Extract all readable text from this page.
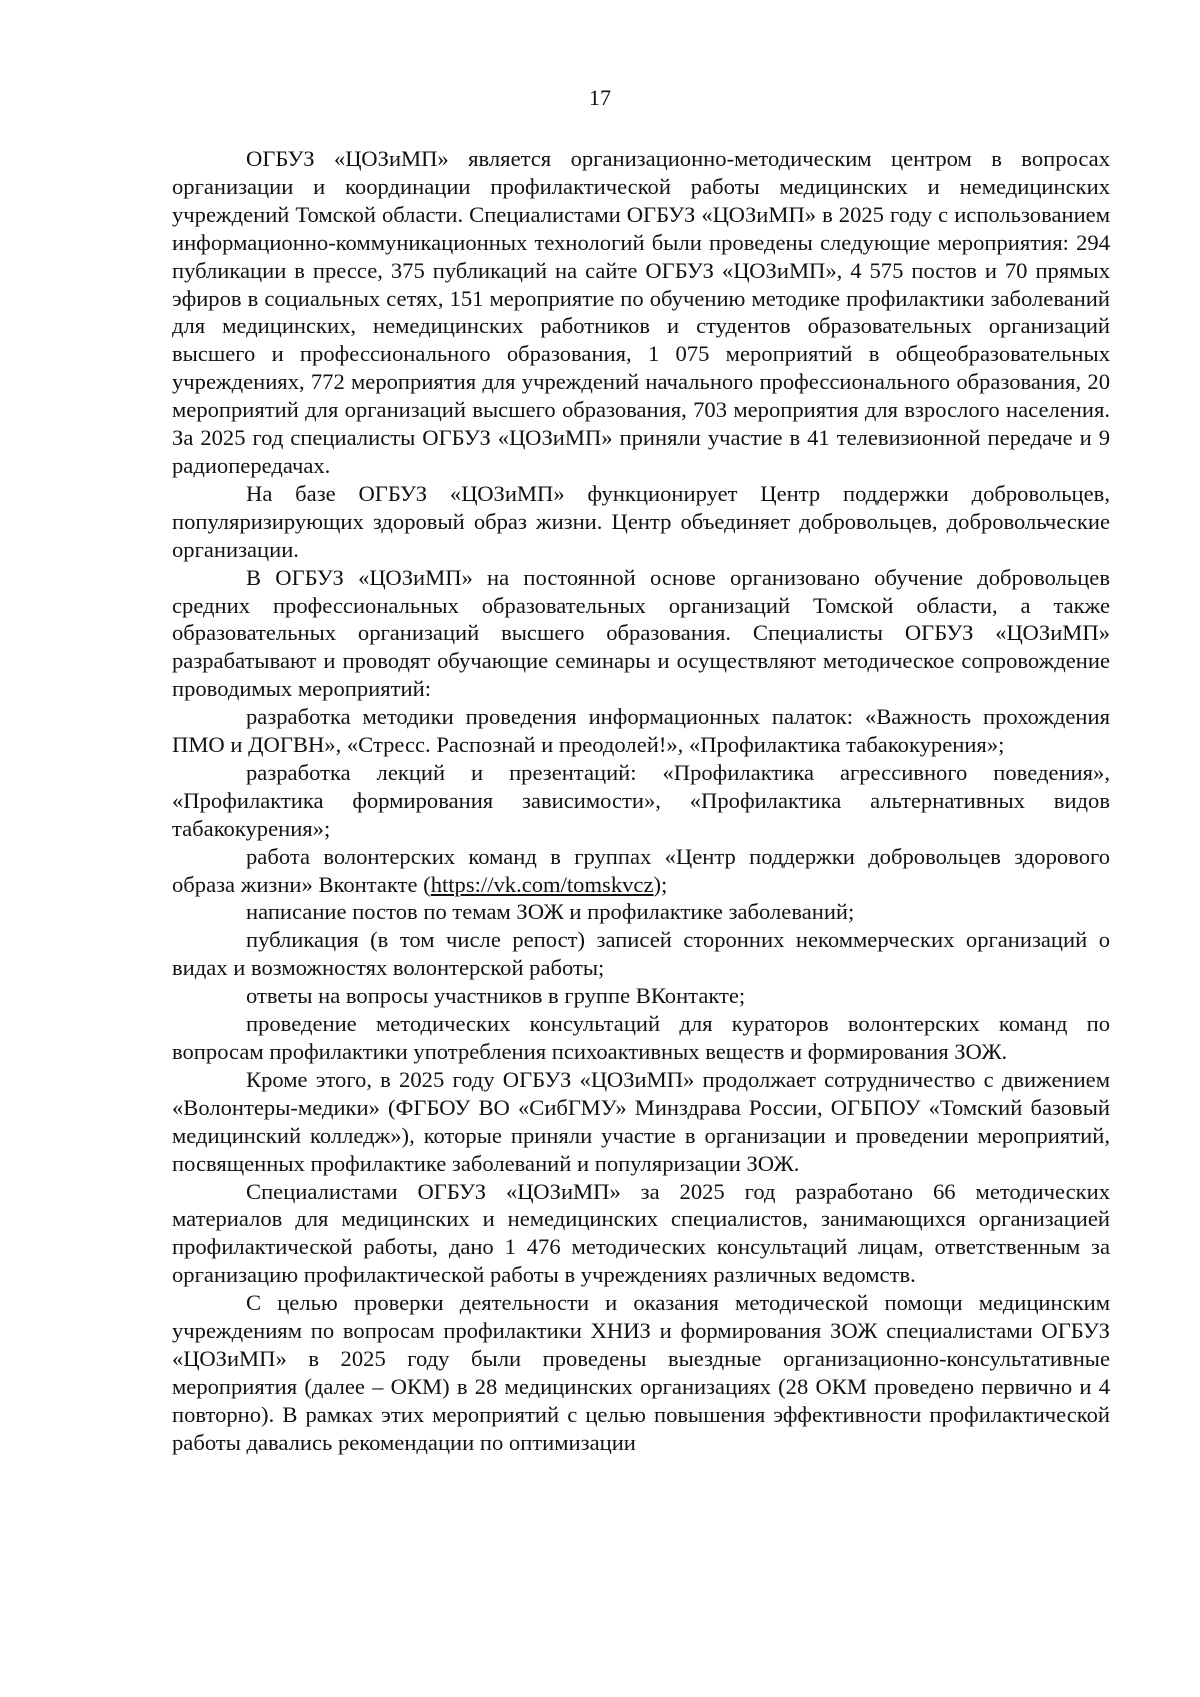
17

ОГБУЗ «ЦОЗиМП» является организационно-методическим центром в вопросах организации и координации профилактической работы медицинских и немедицинских учреждений Томской области. Специалистами ОГБУЗ «ЦОЗиМП» в 2025 году с использованием информационно-коммуникационных технологий были проведены следующие мероприятия: 294 публикации в прессе, 375 публикаций на сайте ОГБУЗ «ЦОЗиМП», 4 575 постов и 70 прямых эфиров в социальных сетях, 151 мероприятие по обучению методике профилактики заболеваний для медицинских, немедицинских работников и студентов образовательных организаций высшего и профессионального образования, 1 075 мероприятий в общеобразовательных учреждениях, 772 мероприятия для учреждений начального профессионального образования, 20 мероприятий для организаций высшего образования, 703 мероприятия для взрослого населения. За 2025 год специалисты ОГБУЗ «ЦОЗиМП» приняли участие в 41 телевизионной передаче и 9 радиопередачах.

На базе ОГБУЗ «ЦОЗиМП» функционирует Центр поддержки добровольцев, популяризирующих здоровый образ жизни. Центр объединяет добровольцев, добровольческие организации.

В ОГБУЗ «ЦОЗиМП» на постоянной основе организовано обучение добровольцев средних профессиональных образовательных организаций Томской области, а также образовательных организаций высшего образования. Специалисты ОГБУЗ «ЦОЗиМП» разрабатывают и проводят обучающие семинары и осуществляют методическое сопровождение проводимых мероприятий:

разработка методики проведения информационных палаток: «Важность прохождения ПМО и ДОГВН», «Стресс. Распознай и преодолей!», «Профилактика табакокурения»;

разработка лекций и презентаций: «Профилактика агрессивного поведения», «Профилактика формирования зависимости», «Профилактика альтернативных видов табакокурения»;

работа волонтерских команд в группах «Центр поддержки добровольцев здорового образа жизни» Вконтакте (https://vk.com/tomskvcz);

написание постов по темам ЗОЖ и профилактике заболеваний;

публикация (в том числе репост) записей сторонних некоммерческих организаций о видах и возможностях волонтерской работы;

ответы на вопросы участников в группе ВКонтакте;

проведение методических консультаций для кураторов волонтерских команд по вопросам профилактики употребления психоактивных веществ и формирования ЗОЖ.

Кроме этого, в 2025 году ОГБУЗ «ЦОЗиМП» продолжает сотрудничество с движением «Волонтеры-медики» (ФГБОУ ВО «СибГМУ» Минздрава России, ОГБПОУ «Томский базовый медицинский колледж»), которые приняли участие в организации и проведении мероприятий, посвященных профилактике заболеваний и популяризации ЗОЖ.

Специалистами ОГБУЗ «ЦОЗиМП» за 2025 год разработано 66 методических материалов для медицинских и немедицинских специалистов, занимающихся организацией профилактической работы, дано 1 476 методических консультаций лицам, ответственным за организацию профилактической работы в учреждениях различных ведомств.

С целью проверки деятельности и оказания методической помощи медицинским учреждениям по вопросам профилактики ХНИЗ и формирования ЗОЖ специалистами ОГБУЗ «ЦОЗиМП» в 2025 году были проведены выездные организационно-консультативные мероприятия (далее – ОКМ) в 28 медицинских организациях (28 ОКМ проведено первично и 4 повторно). В рамках этих мероприятий с целью повышения эффективности профилактической работы давались рекомендации по оптимизации
